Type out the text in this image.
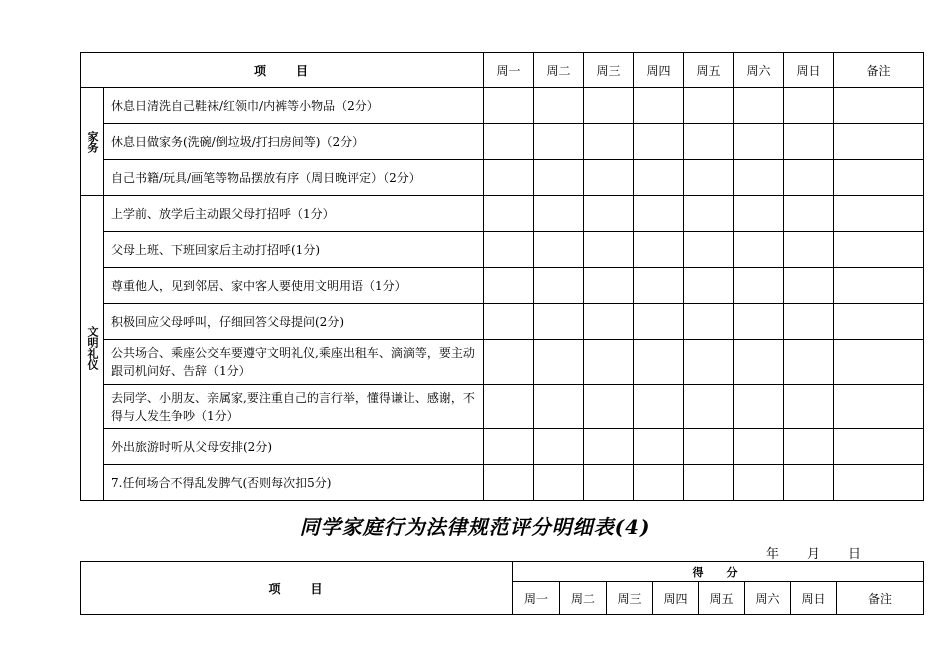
项　　目		周一	周二	周三	周四	周五	周六	周日	备注
家务	休息日清洗自己鞋袜/红领巾/内裤等小物品（2分）								
	休息日做家务(洗碗/倒垃圾/打扫房间等)（2分）								
	自己书籍/玩具/画笔等物品摆放有序（周日晚评定）（2分）								
文明礼仪	上学前、放学后主动跟父母打招呼（1分）								
	父母上班、下班回家后主动打招呼(1分)								
	尊重他人，见到邻居、家中客人要使用文明用语（1分）								
	积极回应父母呼叫，仔细回答父母提问(2分)								
	公共场合、乘座公交车要遵守文明礼仪,乘座出租车、滴滴等，要主动跟司机问好、告辞（1分）								
	去同学、小朋友、亲属家,要注重自己的言行举，懂得谦让、感谢，不得与人发生争吵（1分）								
	外出旅游时听从父母安排(2分)								
	7.任何场合不得乱发脾气(否则每次扣5分)								
同学家庭行为法律规范评分明细表(4)
年 月 日
项　　目	得　分							
	周一	周二	周三	周四	周五	周六	周日	备注
